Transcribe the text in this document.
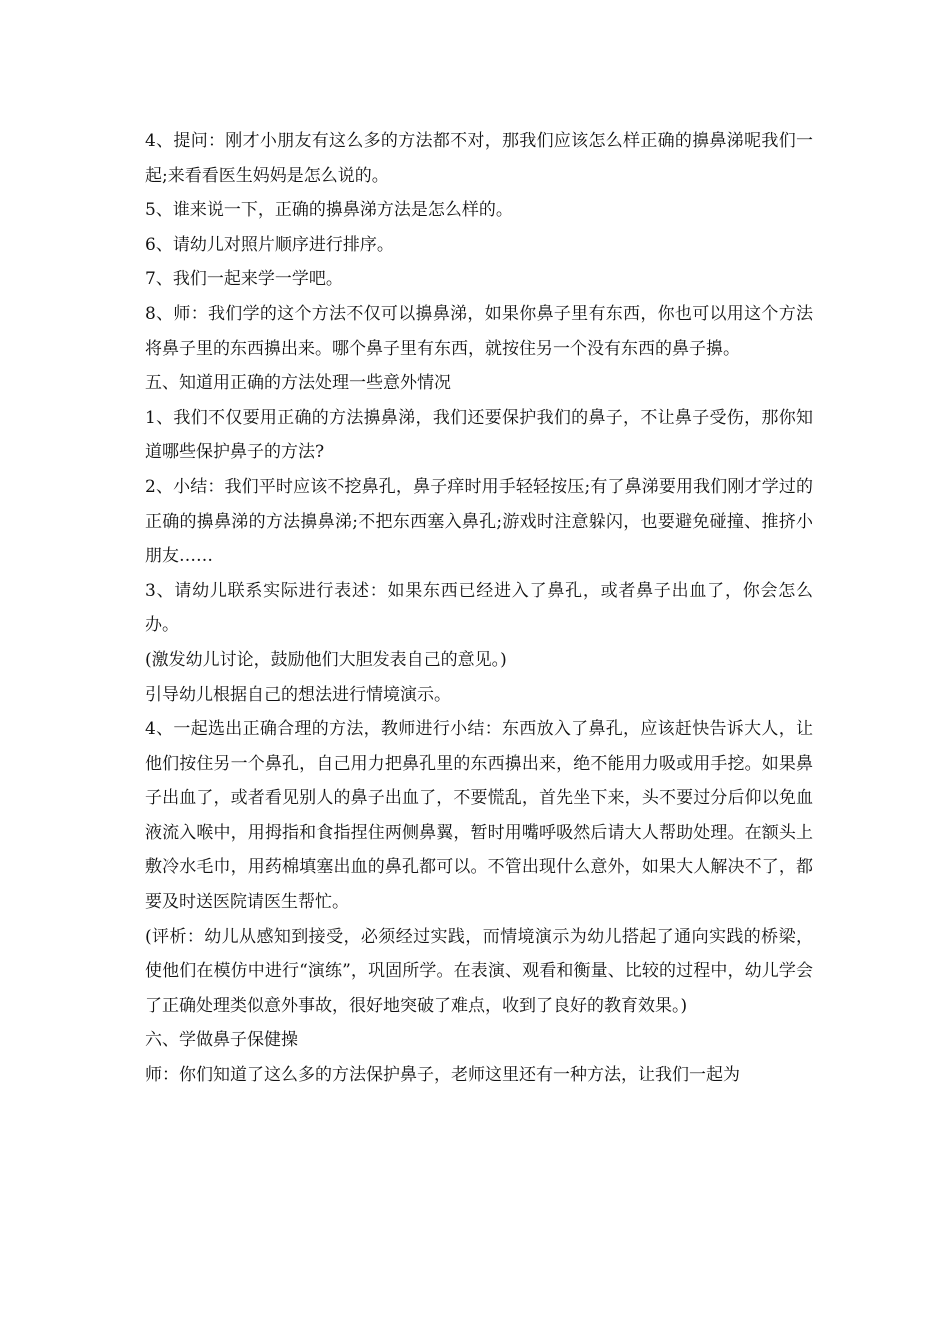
4、提问：刚才小朋友有这么多的方法都不对，那我们应该怎么样正确的擤鼻涕呢我们一起;来看看医生妈妈是怎么说的。

5、谁来说一下，正确的擤鼻涕方法是怎么样的。

6、请幼儿对照片顺序进行排序。

7、我们一起来学一学吧。

8、师：我们学的这个方法不仅可以擤鼻涕，如果你鼻子里有东西，你也可以用这个方法将鼻子里的东西擤出来。哪个鼻子里有东西，就按住另一个没有东西的鼻子擤。

五、知道用正确的方法处理一些意外情况

1、我们不仅要用正确的方法擤鼻涕，我们还要保护我们的鼻子，不让鼻子受伤，那你知道哪些保护鼻子的方法?

2、小结：我们平时应该不挖鼻孔，鼻子痒时用手轻轻按压;有了鼻涕要用我们刚才学过的正确的擤鼻涕的方法擤鼻涕;不把东西塞入鼻孔;游戏时注意躲闪，也要避免碰撞、推挤小朋友……

3、请幼儿联系实际进行表述：如果东西已经进入了鼻孔，或者鼻子出血了，你会怎么办。

(激发幼儿讨论，鼓励他们大胆发表自己的意见。)

引导幼儿根据自己的想法进行情境演示。

4、一起选出正确合理的方法，教师进行小结：东西放入了鼻孔，应该赶快告诉大人，让他们按住另一个鼻孔，自己用力把鼻孔里的东西擤出来，绝不能用力吸或用手挖。如果鼻子出血了，或者看见别人的鼻子出血了，不要慌乱，首先坐下来，头不要过分后仰以免血液流入喉中，用拇指和食指捏住两侧鼻翼，暂时用嘴呼吸然后请大人帮助处理。在额头上敷冷水毛巾，用药棉填塞出血的鼻孔都可以。不管出现什么意外，如果大人解决不了，都要及时送医院请医生帮忙。

(评析：幼儿从感知到接受，必须经过实践，而情境演示为幼儿搭起了通向实践的桥梁，使他们在模仿中进行“演练”，巩固所学。在表演、观看和衡量、比较的过程中，幼儿学会了正确处理类似意外事故，很好地突破了难点，收到了良好的教育效果。)

六、学做鼻子保健操

师：你们知道了这么多的方法保护鼻子，老师这里还有一种方法，让我们一起为
